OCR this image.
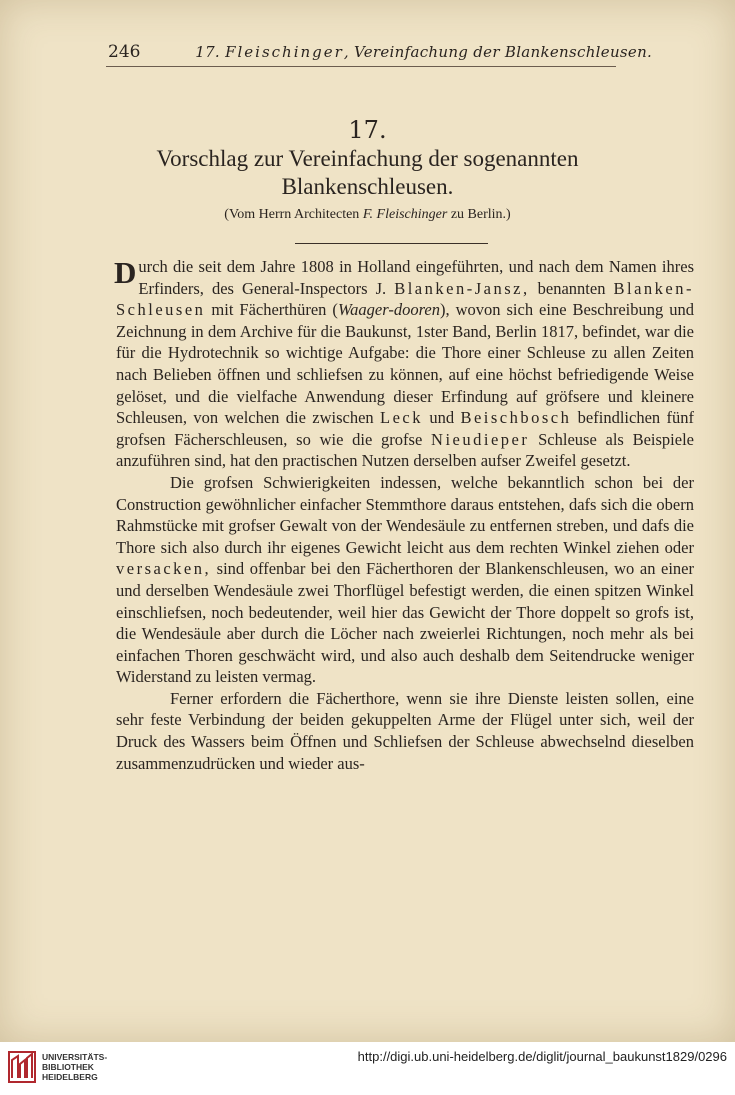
246	17. Fleischinger, Vereinfachung der Blankenschleusen.
17.
Vorschlag zur Vereinfachung der sogenannten
Blankenschleusen.
(Vom Herrn Architecten F. Fleischinger zu Berlin.)

Durch die seit dem Jahre 1808 in Holland eingeführten, und nach dem Namen ihres Erfinders, des General-Inspectors J. Blanken-Jansz, benannten Blanken-Schleusen mit Fächerthüren (Waager-dooren), wovon sich eine Beschreibung und Zeichnung in dem Archive für die Baukunst, 1ster Band, Berlin 1817, befindet, war die für die Hydrotechnik so wichtige Aufgabe: die Thore einer Schleuse zu allen Zeiten nach Belieben öffnen und schliefsen zu können, auf eine höchst befriedigende Weise gelöset, und die vielfache Anwendung dieser Erfindung auf gröfsere und kleinere Schleusen, von welchen die zwischen Leck und Beischbosch befindlichen fünf grofsen Fächerschleusen, so wie die grofse Nieudieper Schleuse als Beispiele anzuführen sind, hat den practischen Nutzen derselben aufser Zweifel gesetzt.

Die grofsen Schwierigkeiten indessen, welche bekanntlich schon bei der Construction gewöhnlicher einfacher Stemmthore daraus entstehen, dafs sich die obern Rahmstücke mit grofser Gewalt von der Wendesäule zu entfernen streben, und dafs die Thore sich also durch ihr eigenes Gewicht leicht aus dem rechten Winkel ziehen oder versacken, sind offenbar bei den Fächerthoren der Blankenschleusen, wo an einer und derselben Wendesäule zwei Thorflügel befestigt werden, die einen spitzen Winkel einschliefsen, noch bedeutender, weil hier das Gewicht der Thore doppelt so grofs ist, die Wendesäule aber durch die Löcher nach zweierlei Richtungen, noch mehr als bei einfachen Thoren geschwächt wird, und also auch deshalb dem Seitendrucke weniger Widerstand zu leisten vermag.

Ferner erfordern die Fächerthore, wenn sie ihre Dienste leisten sollen, eine sehr feste Verbindung der beiden gekuppelten Arme der Flügel unter sich, weil der Druck des Wassers beim Öffnen und Schliefsen der Schleuse abwechselnd dieselben zusammenzudrücken und wieder aus-

UNIVERSITÄTS-
BIBLIOTHEK
HEIDELBERG
http://digi.ub.uni-heidelberg.de/diglit/journal_baukunst1829/0296
